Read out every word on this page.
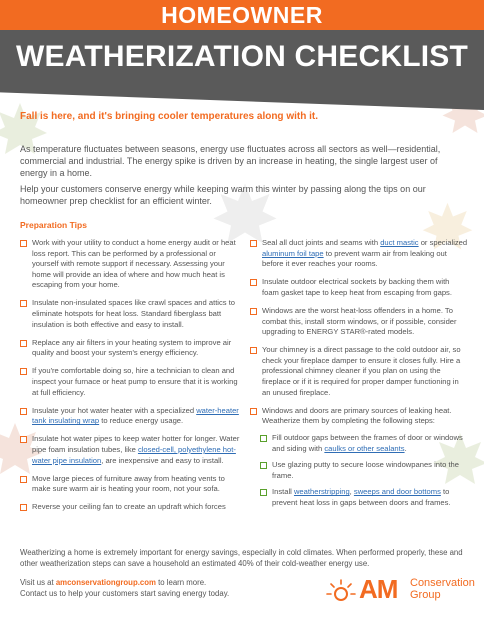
HOMEOWNER
WEATHERIZATION CHECKLIST
Fall is here, and it's bringing cooler temperatures along with it.
As temperature fluctuates between seasons, energy use fluctuates across all sectors as well—residential, commercial and industrial. The energy spike is driven by an increase in heating, the single largest user of energy in a home.
Help your customers conserve energy while keeping warm this winter by passing along the tips on our homeowner prep checklist for an efficient winter.
Preparation Tips
Work with your utility to conduct a home energy audit or heat loss report. This can be performed by a professional or yourself with remote support if necessary. Assessing your home will provide an idea of where and how much heat is escaping from your home.
Insulate non-insulated spaces like crawl spaces and attics to eliminate hotspots for heat loss. Standard fiberglass batt insulation is both effective and easy to install.
Replace any air filters in your heating system to improve air quality and boost your system's energy efficiency.
If you're comfortable doing so, hire a technician to clean and inspect your furnace or heat pump to ensure that it is working at full efficiency.
Insulate your hot water heater with a specialized water-heater tank insulating wrap to reduce energy usage.
Insulate hot water pipes to keep water hotter for longer. Water pipe foam insulation tubes, like closed-cell, polyethylene hot-water pipe insulation, are inexpensive and easy to install.
Move large pieces of furniture away from heating vents to make sure warm air is heating your room, not your sofa.
Reverse your ceiling fan to create an updraft which forces
Seal all duct joints and seams with duct mastic or specialized aluminum foil tape to prevent warm air from leaking out before it ever reaches your rooms.
Insulate outdoor electrical sockets by backing them with foam gasket tape to keep heat from escaping from gaps.
Windows are the worst heat-loss offenders in a home. To combat this, install storm windows, or if possible, consider upgrading to ENERGY STAR®-rated models.
Your chimney is a direct passage to the cold outdoor air, so check your fireplace damper to ensure it closes fully. Hire a professional chimney cleaner if you plan on using the fireplace or if it is required for proper damper functioning in an unused fireplace.
Windows and doors are primary sources of leaking heat. Weatherize them by completing the following steps:
Fill outdoor gaps between the frames of door or windows and siding with caulks or other sealants.
Use glazing putty to secure loose windowpanes into the frame.
Install weatherstripping, sweeps and door bottoms to prevent heat loss in gaps between doors and frames.
Weatherizing a home is extremely important for energy savings, especially in cold climates. When performed properly, these and other weatherization steps can save a household an estimated 40% of their cold-weather energy use.
Visit us at amconservationgroup.com to learn more.
Contact us to help your customers start saving energy today.	AM Conservation
Group
